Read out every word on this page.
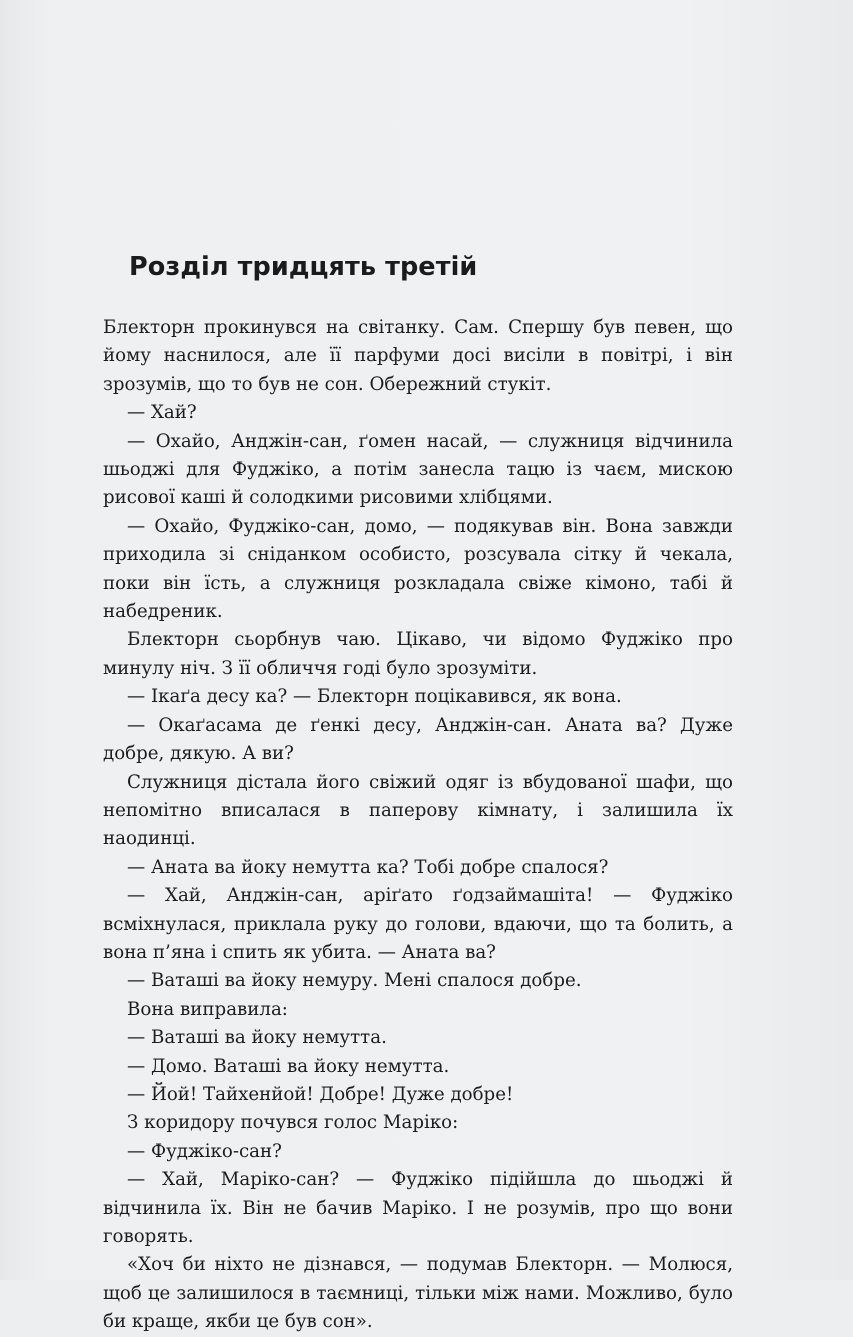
Розділ тридцять третій

Блекторн прокинувся на світанку. Сам. Спершу був певен, що йому наснилося, але її парфуми досі висіли в повітрі, і він зрозумів, що то був не сон. Обережний стукіт.

— Хай?

— Охайо, Анджін-сан, ґомен насай, — служниця відчинила шьоджі для Фуджіко, а потім занесла тацю із чаєм, мискою рисової каші й солодкими рисовими хлібцями.

— Охайо, Фуджіко-сан, домо, — подякував він. Вона завжди приходила зі сніданком особисто, розсувала сітку й чекала, поки він їсть, а служниця розкладала свіже кімоно, табі й набедреник.

Блекторн сьорбнув чаю. Цікаво, чи відомо Фуджіко про минулу ніч. З її обличчя годі було зрозуміти.

— Ікаґа десу ка? — Блекторн поцікавився, як вона.

— Окаґасама де ґенкі десу, Анджін-сан. Аната ва? Дуже добре, дякую. А ви?

Служниця дістала його свіжий одяг із вбудованої шафи, що непомітно вписалася в паперову кімнату, і залишила їх наодинці.

— Аната ва йоку немутта ка? Тобі добре спалося?

— Хай, Анджін-сан, аріґато ґодзаймашіта! — Фуджіко всміхнулася, приклала руку до голови, вдаючи, що та болить, а вона п’яна і спить як убита. — Аната ва?

— Ваташі ва йоку немуру. Мені спалося добре.

Вона виправила:

— Ваташі ва йоку немутта.

— Домо. Ваташі ва йоку немутта.

— Йой! Тайхенйой! Добре! Дуже добре!

З коридору почувся голос Маріко:

— Фуджіко-сан?

— Хай, Маріко-сан? — Фуджіко підійшла до шьоджі й відчинила їх. Він не бачив Маріко. І не розумів, про що вони говорять.

«Хоч би ніхто не дізнався, — подумав Блекторн. — Молюся, щоб це залишилося в таємниці, тільки між нами. Можливо, було би краще, якби це був сон».
